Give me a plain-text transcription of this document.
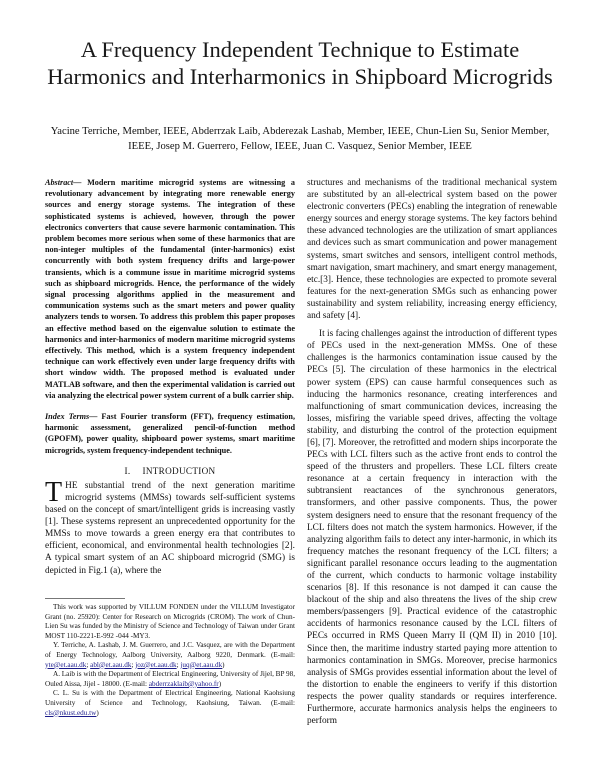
A Frequency Independent Technique to Estimate Harmonics and Interharmonics in Shipboard Microgrids
Yacine Terriche, Member, IEEE, Abderrzak Laib, Abderezak Lashab, Member, IEEE, Chun-Lien Su, Senior Member, IEEE, Josep M. Guerrero, Fellow, IEEE, Juan C. Vasquez, Senior Member, IEEE

Abstract— Modern maritime microgrid systems are witnessing a revolutionary advancement by integrating more renewable energy sources and energy storage systems. The integration of these sophisticated systems is achieved, however, through the power electronics converters that cause severe harmonic contamination. This problem becomes more serious when some of these harmonics that are non-integer multiples of the fundamental (inter-harmonics) exist concurrently with both system frequency drifts and large-power transients, which is a commune issue in maritime microgrid systems such as shipboard microgrids. Hence, the performance of the widely signal processing algorithms applied in the measurement and communication systems such as the smart meters and power quality analyzers tends to worsen. To address this problem this paper proposes an effective method based on the eigenvalue solution to estimate the harmonics and inter-harmonics of modern maritime microgrid systems effectively. This method, which is a system frequency independent technique can work effectively even under large frequency drifts with short window width. The proposed method is evaluated under MATLAB software, and then the experimental validation is carried out via analyzing the electrical power system current of a bulk carrier ship.

Index Terms— Fast Fourier transform (FFT), frequency estimation, harmonic assessment, generalized pencil-of-function method (GPOFM), power quality, shipboard power systems, smart maritime microgrids, system frequency-independent technique.

I. INTRODUCTION

THE substantial trend of the next generation maritime microgrid systems (MMSs) towards self-sufficient systems based on the concept of smart/intelligent grids is increasing vastly [1]. These systems represent an unprecedented opportunity for the MMSs to move towards a green energy era that contributes to efficient, economical, and environmental health technologies [2]. A typical smart system of an AC shipboard microgrid (SMG) is depicted in Fig.1 (a), where the

This work was supported by VILLUM FONDEN under the VILLUM Investigator Grant (no. 25920): Center for Research on Microgrids (CROM). The work of Chun-Lien Su was funded by the Ministry of Science and Technology of Taiwan under Grant MOST 110-2221-E-992 -044 -MY3.

Y. Terriche, A. Lashab, J. M. Guerrero, and J.C. Vasquez, are with the Department of Energy Technology, Aalborg University, Aalborg 9220, Denmark. (E-mail: yte@et.aau.dk; abl@et.aau.dk; joz@et.aau.dk; juq@et.aau.dk)

A. Laib is with the Department of Electrical Engineering, University of Jijel, BP 98, Ouled Aissa, Jijel - 18000. (E-mail: abderrzaklaib@yahoo.fr)

C. L. Su is with the Department of Electrical Engineering, National Kaohsiung University of Science and Technology, Kaohsiung, Taiwan. (E-mail: cls@nkust.edu.tw)

structures and mechanisms of the traditional mechanical system are substituted by an all-electrical system based on the power electronic converters (PECs) enabling the integration of renewable energy sources and energy storage systems. The key factors behind these advanced technologies are the utilization of smart appliances and devices such as smart communication and power management systems, smart switches and sensors, intelligent control methods, smart navigation, smart machinery, and smart energy management, etc.[3]. Hence, these technologies are expected to promote several features for the next-generation SMGs such as enhancing power sustainability and system reliability, increasing energy efficiency, and safety [4].

It is facing challenges against the introduction of different types of PECs used in the next-generation MMSs. One of these challenges is the harmonics contamination issue caused by the PECs [5]. The circulation of these harmonics in the electrical power system (EPS) can cause harmful consequences such as inducing the harmonics resonance, creating interferences and malfunctioning of smart communication devices, increasing the losses, misfiring the variable speed drives, affecting the voltage stability, and disturbing the control of the protection equipment [6], [7]. Moreover, the retrofitted and modern ships incorporate the PECs with LCL filters such as the active front ends to control the speed of the thrusters and propellers. These LCL filters create resonance at a certain frequency in interaction with the subtransient reactances of the synchronous generators, transformers, and other passive components. Thus, the power system designers need to ensure that the resonant frequency of the LCL filters does not match the system harmonics. However, if the analyzing algorithm fails to detect any inter-harmonic, in which its frequency matches the resonant frequency of the LCL filters; a significant parallel resonance occurs leading to the augmentation of the current, which conducts to harmonic voltage instability scenarios [8]. If this resonance is not damped it can cause the blackout of the ship and also threatens the lives of the ship crew members/passengers [9]. Practical evidence of the catastrophic accidents of harmonics resonance caused by the LCL filters of PECs occurred in RMS Queen Marry II (QM II) in 2010 [10]. Since then, the maritime industry started paying more attention to harmonics contamination in SMGs. Moreover, precise harmonics analysis of SMGs provides essential information about the level of the distortion to enable the engineers to verify if this distortion respects the power quality standards or requires interference. Furthermore, accurate harmonics analysis helps the engineers to perform
